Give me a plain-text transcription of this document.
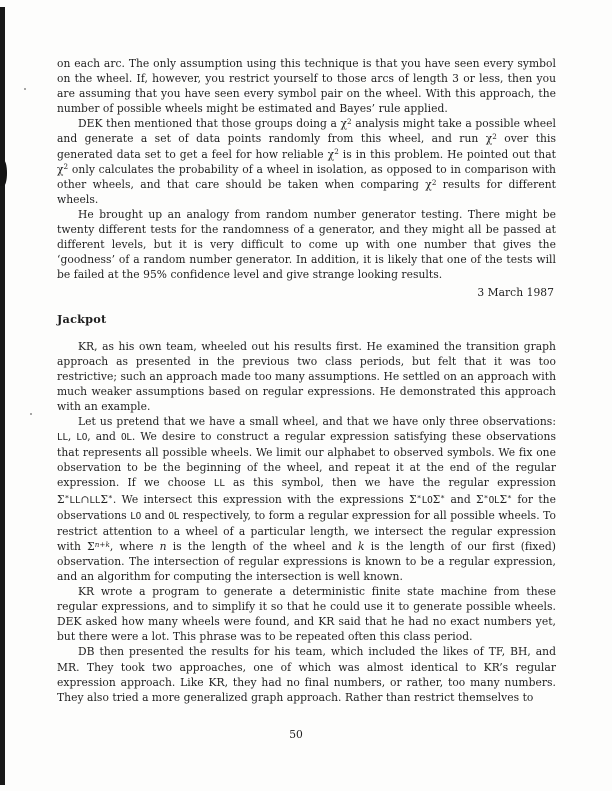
on each arc. The only assumption using this technique is that you have seen every symbol on the wheel. If, however, you restrict yourself to those arcs of length 3 or less, then you are assuming that you have seen every symbol pair on the wheel. With this approach, the number of possible wheels might be estimated and Bayes’ rule applied.

DEK then mentioned that those groups doing a $\chi^2$ analysis might take a possible wheel and generate a set of data points randomly from this wheel, and run $\chi^2$ over this generated data set to get a feel for how reliable $\chi^2$ is in this problem. He pointed out that $\chi^2$ only calculates the probability of a wheel in isolation, as opposed to in comparison with other wheels, and that care should be taken when comparing $\chi^2$ results for different wheels.

He brought up an analogy from random number generator testing. There might be twenty different tests for the randomness of a generator, and they might all be passed at different levels, but it is very difficult to come up with one number that gives the ‘goodness’ of a random number generator. In addition, it is likely that one of the tests will be failed at the 95% confidence level and give strange looking results.

3 March 1987
Jackpot

KR, as his own team, wheeled out his results first. He examined the transition graph approach as presented in the previous two class periods, but felt that it was too restrictive; such an approach made too many assumptions. He settled on an approach with much weaker assumptions based on regular expressions. He demonstrated this approach with an example.

Let us pretend that we have a small wheel, and that we have only three observations: LL, LO, and OL. We desire to construct a regular expression satisfying these observations that represents all possible wheels. We limit our alphabet to observed symbols. We fix one observation to be the beginning of the wheel, and repeat it at the end of the regular expression. If we choose LL as this symbol, then we have the regular expression Σ∗LL∩LLΣ∗. We intersect this expression with the expressions Σ∗LOΣ∗ and Σ∗OLΣ∗ for the observations LO and OL respectively, to form a regular expression for all possible wheels. To restrict attention to a wheel of a particular length, we intersect the regular expression with $\Sigma^{n+k}$, where n is the length of the wheel and k is the length of our first (fixed) observation. The intersection of regular expressions is known to be a regular expression, and an algorithm for computing the intersection is well known.

KR wrote a program to generate a deterministic finite state machine from these regular expressions, and to simplify it so that he could use it to generate possible wheels. DEK asked how many wheels were found, and KR said that he had no exact numbers yet, but there were a lot. This phrase was to be repeated often this class period.

DB then presented the results for his team, which included the likes of TF, BH, and MR. They took two approaches, one of which was almost identical to KR’s regular expression approach. Like KR, they had no final numbers, or rather, too many numbers. They also tried a more generalized graph approach. Rather than restrict themselves to

50
